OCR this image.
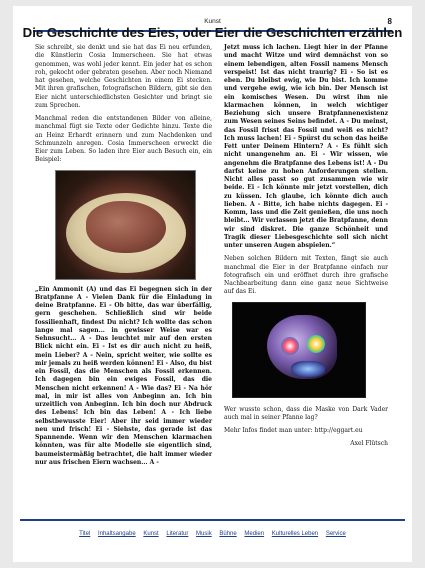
Kunst	8
Die Geschichte des Eies, oder Eier die Geschichten erzählen

Sie schreibt, sie denkt und sie hat das Ei neu erfunden, die Künstlerin Cosia Immerscheen. Sie hat etwas genommen, was wohl jeder kennt. Ein jeder hat es schon roh, gekocht oder gebraten gesehen. Aber noch Niemand hat gesehen, welche Geschichten in einem Ei stecken. Mit ihren grafischen, fotografischen Bildern, gibt sie den Eier nicht unterschiedlichsten Gesichter und bringt sie zum Sprechen.

Manchmal reden die entstandenen Bilder von alleine, manchmal fügt sie Texte oder Gedichte hinzu. Texte die an Heinz Erhardt erinnern und zum Nachdenken und Schmunzeln anregen. Cosia Immerscheen erweckt die Eier zum Leben. So laden ihre Eier auch Besuch ein, ein Beispiel:

„Ein Ammonit (A) und das Ei begegnen sich in der Bratpfanne A - Vielen Dank für die Einladung in deine Bratpfanne. Ei - Ob bitte, das war überfällig, gern geschehen. Schließlich sind wir beide fossilienhaft, findest Du nicht? Ich wollte das schon lange mal sagen... in gewisser Weise war es Sehnsucht… A - Das leuchtet mir auf den ersten Blick nicht ein. Ei - Ist es dir auch nicht zu heiß, mein Lieber? A - Nein, spricht weiter, wie sollte es mir jemals zu heiß werden können! Ei - Also, du bist ein Fossil, das die Menschen als Fossil erkennen. Ich dagegen bin ein ewiges Fossil, das die Menschen nicht erkennen! A - Wie das? Ei - Na hör mal, in mir ist alles von Anbeginn an. Ich bin urzeitlich von Anbeginn. Ich bin doch nur Abdruck des Lebens! Ich bin das Leben! A - Ich liebe selbstbewusste Eier! Aber ihr seid immer wieder neu und frisch! Ei - Siehste, das gerade ist das Spannende. Wenn wir den Menschen klarmachen könnten, was für alte Modelle sie eigentlich sind, baumeistermäßig betrachtet, die halt immer wieder nur aus frischen Eiern wachsen... A -

Jetzt muss ich lachen. Liegt hier in der Pfanne und macht Witze und wird demnächst von so einem lebendigen, alten Fossil namens Mensch verspeist! Ist das nicht traurig? Ei - So ist es eben. Du bleibst ewig, wie Du bist. Ich komme und vergehe ewig, wie ich bin. Der Mensch ist ein komisches Wesen. Du wirst ihm nie klarmachen können, in welch wichtiger Beziehung sich unsere Bratpfannenexistenz zum Wesen seines Seins befindet. A - Du meinst, das Fossil frisst das Fossil und weiß es nicht? Ich muss lachen! Ei - Spürst du schon das heiße Fett unter Deinem Hintern? A - Es fühlt sich nicht unangenehm an. Ei - Wir wissen, wie angenehm die Bratpfanne des Lebens ist! A - Du darfst keine zu hohen Anforderungen stellen. Nicht alles passt so gut zusammen wie wir beide. Ei - Ich könnte mir jetzt vorstellen, dich zu küssen. Ich glaube, ich könnte dich auch lieben. A - Bitte, ich habe nichts dagegen. Ei - Komm, lass und die Zeit genießen, die uns noch bleibt… Wir verlassen jetzt die Bratpfanne, denn wir sind diskret. Die ganze Schönheit und Tragik dieser Liebesgeschichte soll sich nicht unter unseren Augen abspielen.“

Neben solchen Bildern mit Texten, fängt sie auch manchmal die Eier in der Bratpfanne einfach nur fotografisch ein und eröffnet durch ihre grafische Nachbearbeitung dann eine ganz neue Sichtweise auf das Ei.

Wer wusste schon, dass die Maske von Dark Vader auch mal in seiner Pfanne lag?

Mehr Infos findet man unter: http://eggart.eu

Axel Flütsch

Titel Inhaltsangabe Kunst Literatur Musik Bühne Medien Kulturelles Leben Service
